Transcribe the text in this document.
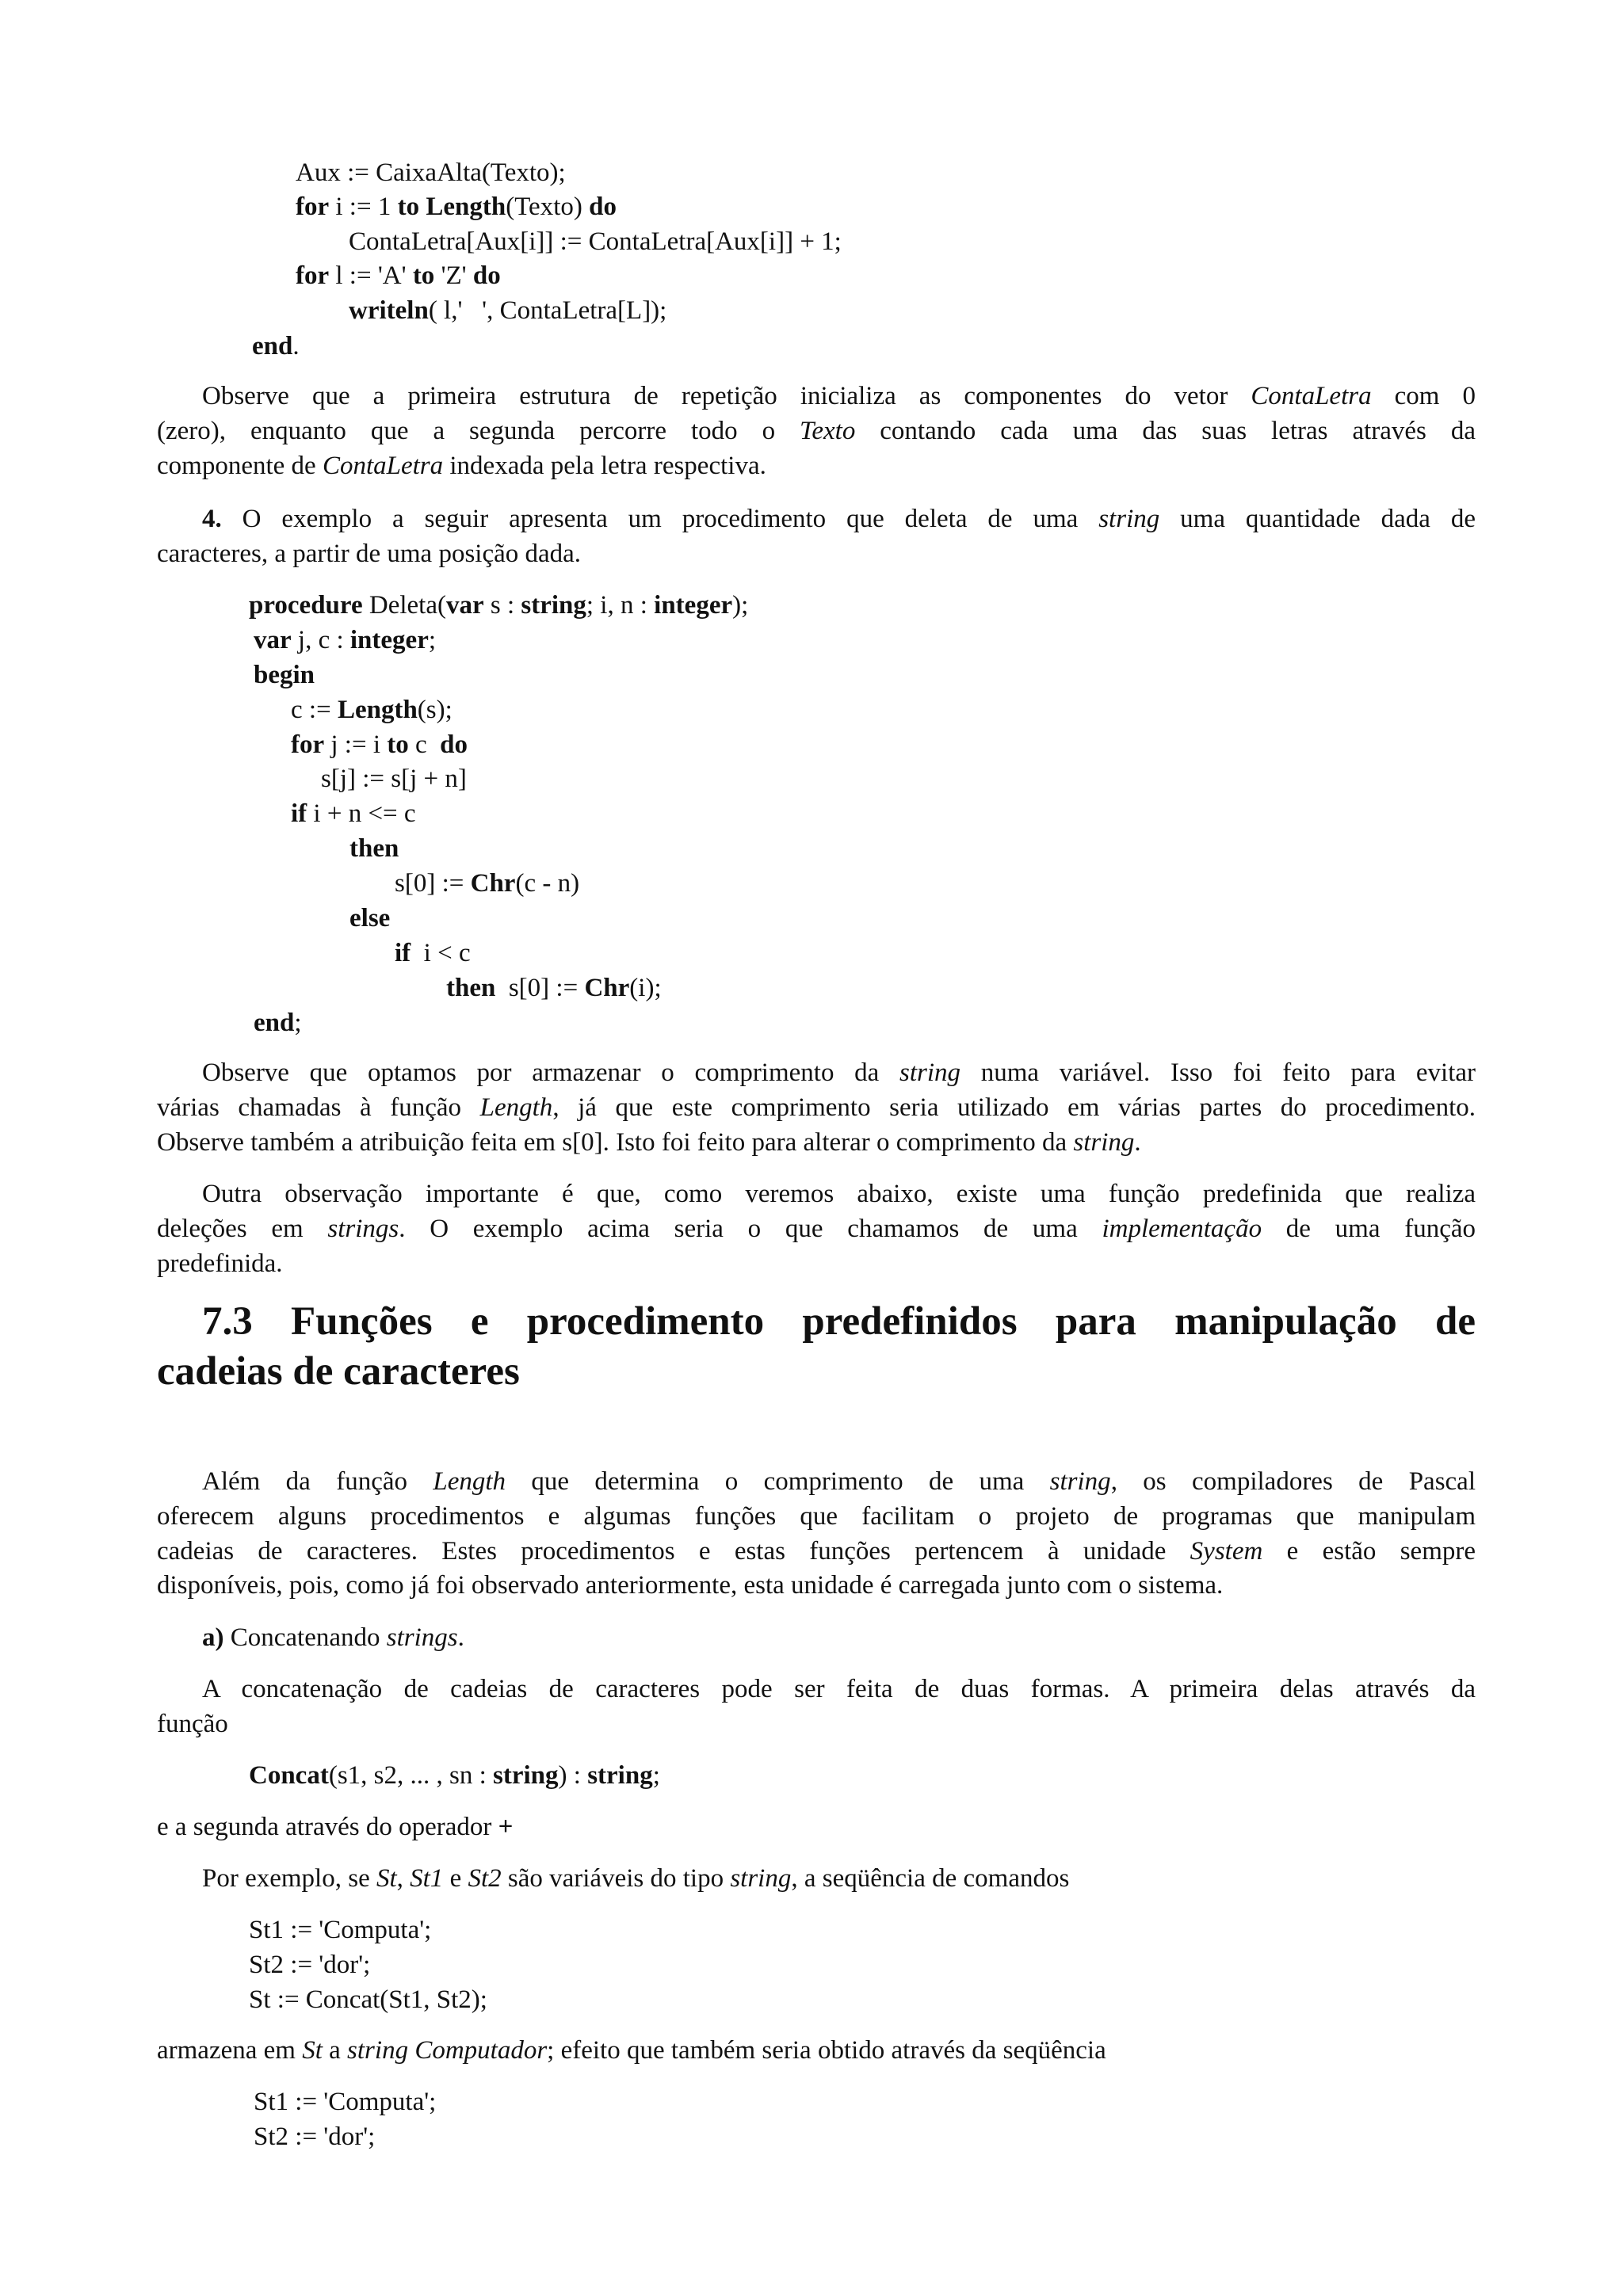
Aux := CaixaAlta(Texto);
for i := 1 to Length(Texto) do
ContaLetra[Aux[i]] := ContaLetra[Aux[i]] + 1;
for l := 'A' to 'Z' do
writeln( l,'   ', ContaLetra[L]);
end.
Observe que a primeira estrutura de repetição inicializa as componentes do vetor ContaLetra com 0
(zero), enquanto que a segunda percorre todo o Texto contando cada uma das suas letras através da
componente de ContaLetra indexada pela letra respectiva.
4. O exemplo a seguir apresenta um procedimento que deleta de uma string uma quantidade dada de
caracteres, a partir de uma posição dada.
procedure Deleta(var s : string; i, n : integer);
var j, c : integer;
begin
c := Length(s);
for j := i to c  do
s[j] := s[j + n]
if i + n <= c
then
s[0] := Chr(c - n)
else
if  i < c
then  s[0] := Chr(i);
end;
Observe que optamos por armazenar o comprimento da string numa variável. Isso foi feito para evitar
várias chamadas à função Length, já que este comprimento seria utilizado em várias partes do procedimento.
Observe também a atribuição feita em s[0]. Isto foi feito para alterar o comprimento da string.
Outra observação importante é que, como veremos abaixo, existe uma função predefinida que realiza
deleções em strings. O exemplo acima seria o que chamamos de uma implementação de uma função
predefinida.
7.3 Funções e procedimento predefinidos para manipulação de
cadeias de caracteres
Além da função Length que determina o comprimento de uma string, os compiladores de Pascal
oferecem alguns procedimentos e algumas funções que facilitam o projeto de programas que manipulam
cadeias de caracteres. Estes procedimentos e estas funções pertencem à unidade System e estão sempre
disponíveis, pois, como já foi observado anteriormente, esta unidade é carregada junto com o sistema.
a) Concatenando strings.
A concatenação de cadeias de caracteres pode ser feita de duas formas. A primeira delas através da
função
Concat(s1, s2, ... , sn : string) : string;
e a segunda através do operador +
Por exemplo, se St, St1 e St2 são variáveis do tipo string, a seqüência de comandos
St1 := 'Computa';
St2 := 'dor';
St := Concat(St1, St2);
armazena em St a string Computador; efeito que também seria obtido através da seqüência
St1 := 'Computa';
St2 := 'dor';
